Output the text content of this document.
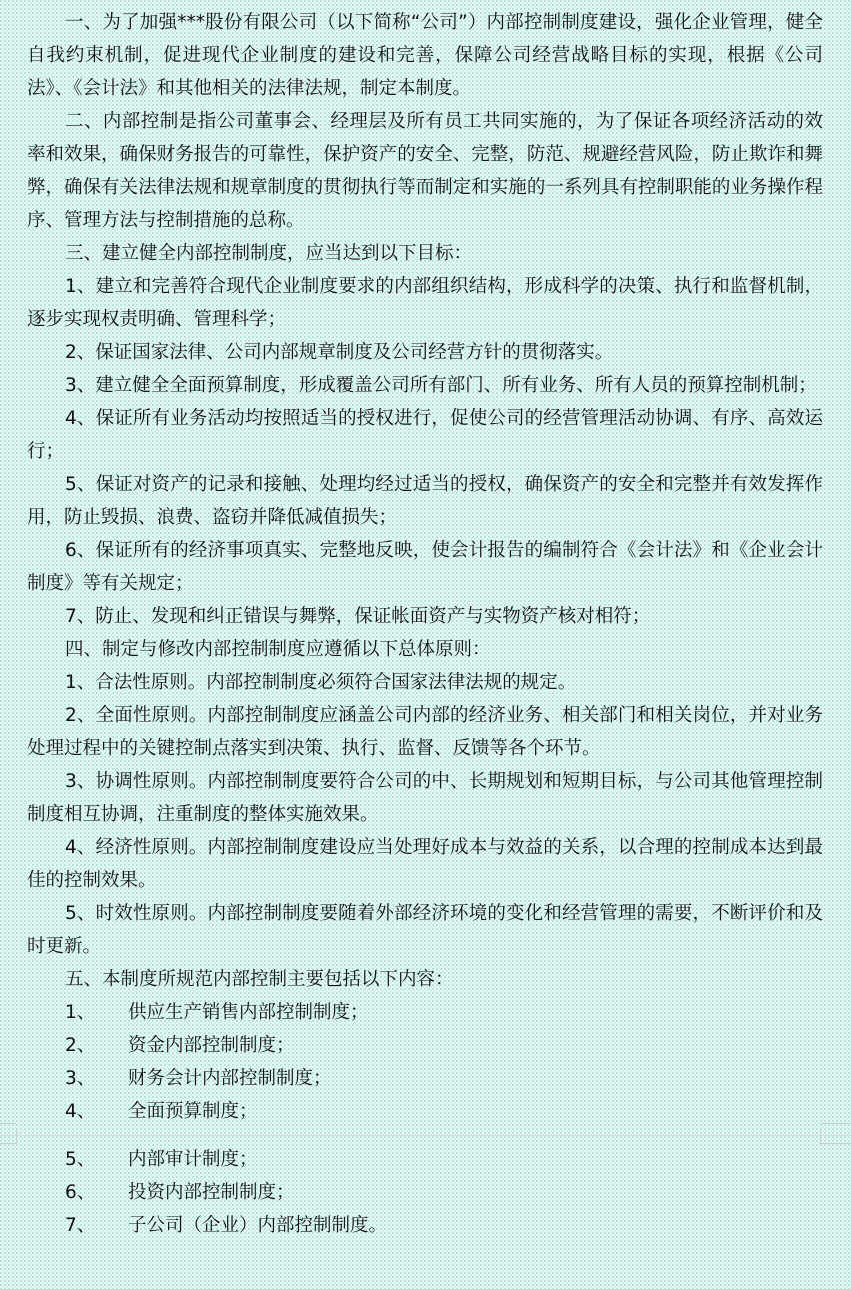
一、为了加强***股份有限公司（以下简称“公司”）内部控制制度建设，强化企业管理，健全自我约束机制，促进现代企业制度的建设和完善，保障公司经营战略目标的实现，根据《公司法》、《会计法》和其他相关的法律法规，制定本制度。

二、内部控制是指公司董事会、经理层及所有员工共同实施的，为了保证各项经济活动的效率和效果，确保财务报告的可靠性，保护资产的安全、完整，防范、规避经营风险，防止欺诈和舞弊，确保有关法律法规和规章制度的贯彻执行等而制定和实施的一系列具有控制职能的业务操作程序、管理方法与控制措施的总称。

三、建立健全内部控制制度，应当达到以下目标：

1、建立和完善符合现代企业制度要求的内部组织结构，形成科学的决策、执行和监督机制，逐步实现权责明确、管理科学；

2、保证国家法律、公司内部规章制度及公司经营方针的贯彻落实。

3、建立健全全面预算制度，形成覆盖公司所有部门、所有业务、所有人员的预算控制机制；

4、保证所有业务活动均按照适当的授权进行，促使公司的经营管理活动协调、有序、高效运行；

5、保证对资产的记录和接触、处理均经过适当的授权，确保资产的安全和完整并有效发挥作用，防止毁损、浪费、盗窃并降低减值损失；

6、保证所有的经济事项真实、完整地反映，使会计报告的编制符合《会计法》和《企业会计制度》等有关规定；

7、防止、发现和纠正错误与舞弊，保证帐面资产与实物资产核对相符；

四、制定与修改内部控制制度应遵循以下总体原则：

1、合法性原则。内部控制制度必须符合国家法律法规的规定。

2、全面性原则。内部控制制度应涵盖公司内部的经济业务、相关部门和相关岗位，并对业务处理过程中的关键控制点落实到决策、执行、监督、反馈等各个环节。

3、协调性原则。内部控制制度要符合公司的中、长期规划和短期目标，与公司其他管理控制制度相互协调，注重制度的整体实施效果。

4、经济性原则。内部控制制度建设应当处理好成本与效益的关系，以合理的控制成本达到最佳的控制效果。

5、时效性原则。内部控制制度要随着外部经济环境的变化和经营管理的需要，不断评价和及时更新。

五、本制度所规范内部控制主要包括以下内容：

1、	供应生产销售内部控制制度；
2、	资金内部控制制度；
3、	财务会计内部控制制度；
4、	全面预算制度；
5、	内部审计制度；
6、	投资内部控制制度；
7、	子公司（企业）内部控制制度。
